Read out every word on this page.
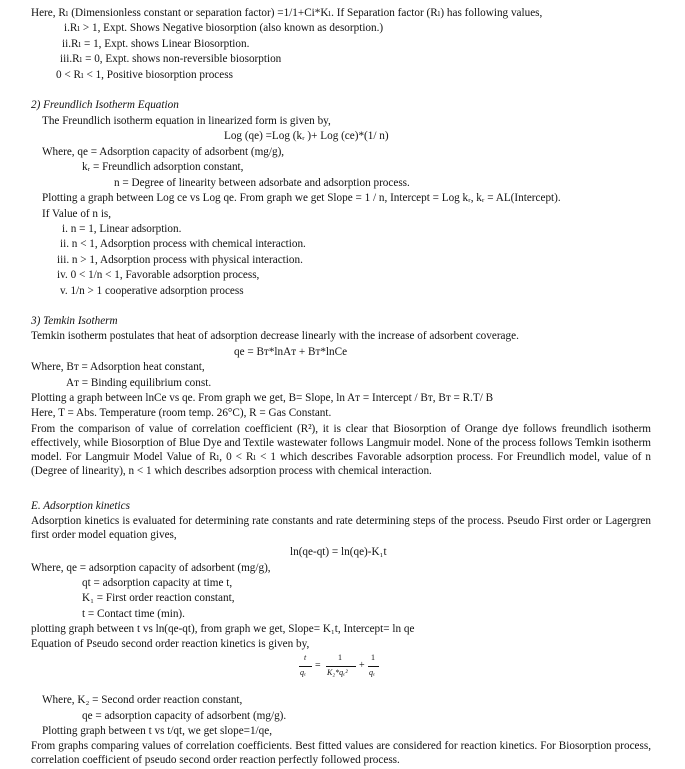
Here, Rₗ (Dimensionless constant or separation factor) =1/1+Ci*Kₗ. If Separation factor (Rₗ) has following values,
i.Rₗ > 1, Expt. Shows Negative biosorption (also known as desorption.)
ii.Rₗ = 1, Expt. shows Linear Biosorption.
iii.Rₗ = 0, Expt. shows non-reversible biosorption
0 < Rₗ < 1, Positive biosorption process
2) Freundlich Isotherm Equation
The Freundlich isotherm equation in linearized form is given by,
Log (qe) =Log (kᵣ )+ Log (ce)*(1/ n)
Where, qe = Adsorption capacity of adsorbent (mg/g),
kᵣ = Freundlich adsorption constant,
n = Degree of linearity between adsorbate and adsorption process.
Plotting a graph between Log ce vs Log qe. From graph we get Slope = 1 / n, Intercept = Log kᵣ, kᵣ = AL(Intercept).
If Value of n is,
i. n = 1, Linear adsorption.
ii. n < 1, Adsorption process with chemical interaction.
iii. n > 1, Adsorption process with physical interaction.
iv. 0 < 1/n < 1, Favorable adsorption process,
v. 1/n > 1 cooperative adsorption process
3) Temkin Isotherm
Temkin isotherm postulates that heat of adsorption decrease linearly with the increase of adsorbent coverage.
qe = Bᴛ*lnAᴛ + Bᴛ*lnCe
Where, Bᴛ = Adsorption heat constant,
Aᴛ = Binding equilibrium const.
Plotting a graph between lnCe vs qe. From graph we get, B= Slope, ln Aᴛ = Intercept / Bᴛ, Bᴛ = R.T/ B
Here, T = Abs. Temperature (room temp. 26°C), R = Gas Constant.
From the comparison of value of correlation coefficient (R²), it is clear that Biosorption of Orange dye follows freundlich isotherm effectively, while Biosorption of Blue Dye and Textile wastewater follows Langmuir model. None of the process follows Temkin isotherm model. For Langmuir Model Value of Rₗ, 0 < Rₗ < 1 which describes Favorable adsorption process. For Freundlich model, value of n (Degree of linearity), n < 1 which describes adsorption process with chemical interaction.
E. Adsorption kinetics
Adsorption kinetics is evaluated for determining rate constants and rate determining steps of the process. Pseudo First order or Lagergren first order model equation gives,
ln(qe-qt) = ln(qe)-K₁t
Where, qe = adsorption capacity of adsorbent (mg/g),
qt = adsorption capacity at time t,
K₁ = First order reaction constant,
t = Contact time (min).
plotting graph between t vs ln(qe-qt), from graph we get, Slope= K₁t, Intercept= ln qe
Equation of Pseudo second order reaction kinetics is given by,
t
qₑ
=
1
K₂*qₑ²
+
1
qₑ
Where, K₂ = Second order reaction constant,
qe = adsorption capacity of adsorbent (mg/g).
Plotting graph between t vs t/qt, we get slope=1/qe,
From graphs comparing values of correlation coefficients. Best fitted values are considered for reaction kinetics. For Biosorption process, correlation coefficient of pseudo second order reaction perfectly followed process.
